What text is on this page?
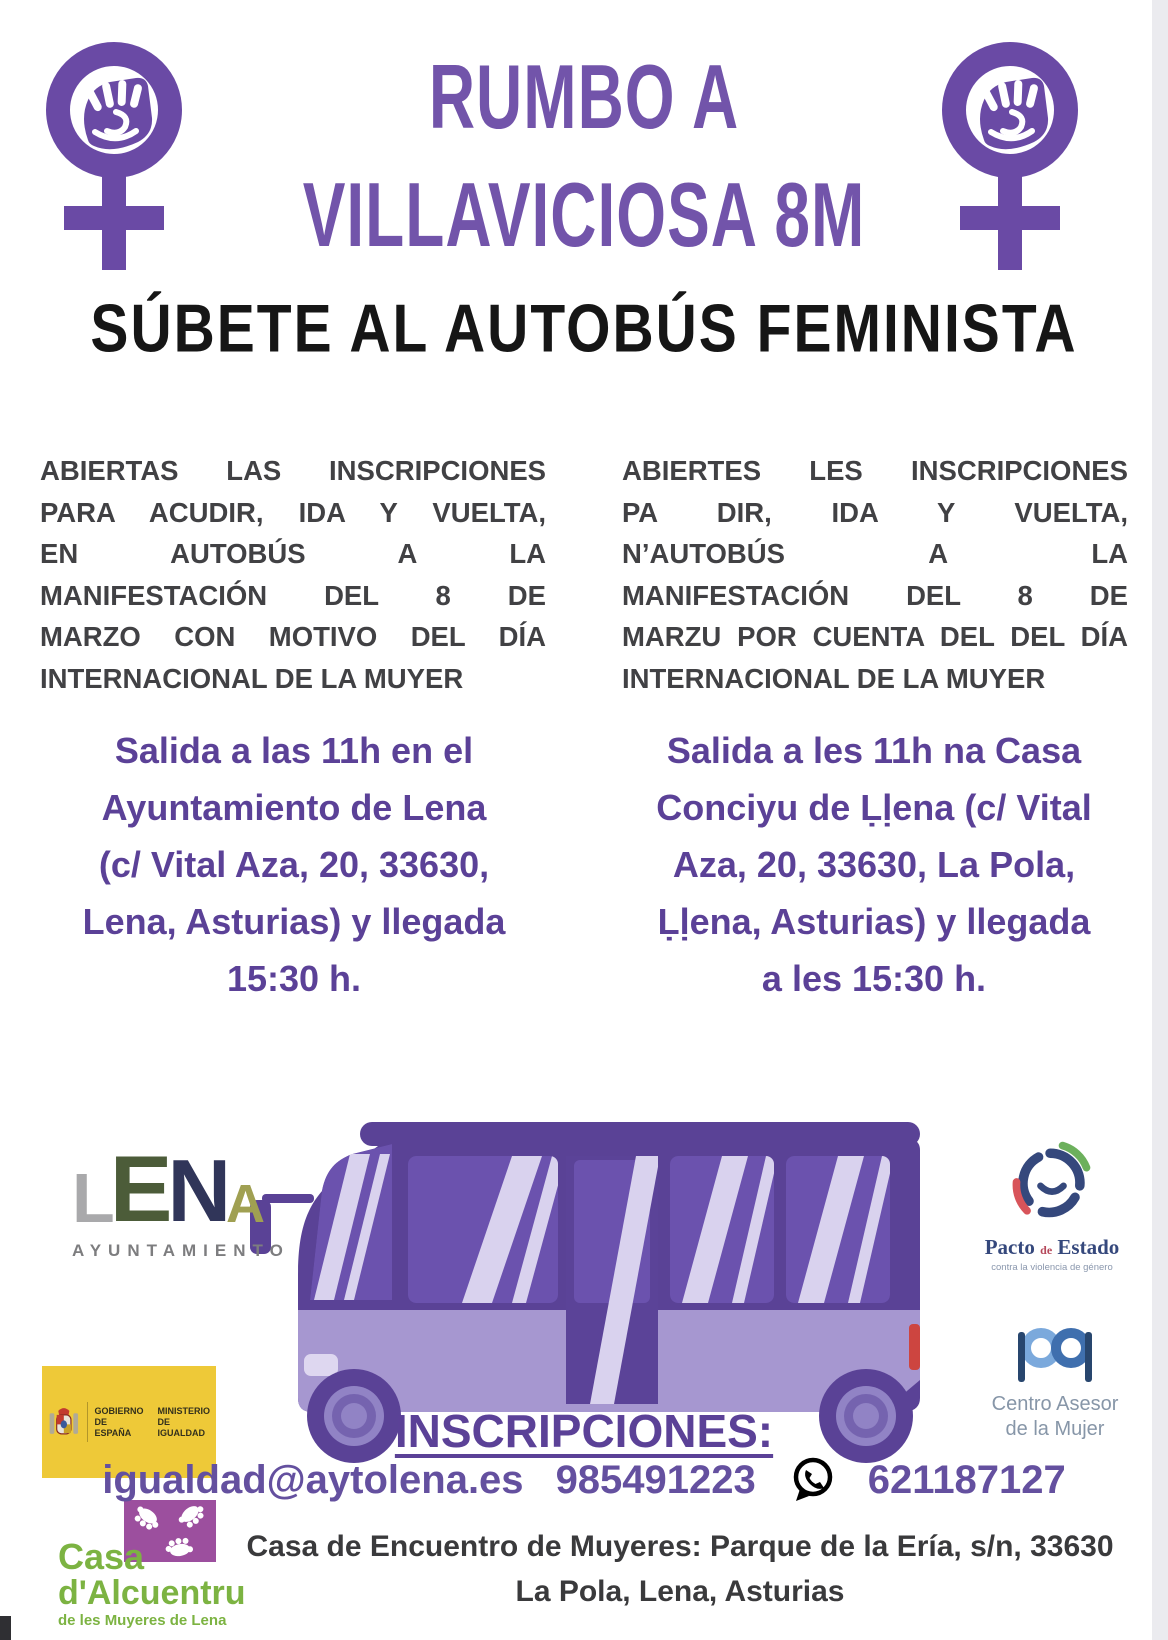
RUMBO A
VILLAVICIOSA 8M
SÚBETE AL AUTOBÚS FEMINISTA
ABIERTAS LAS INSCRIPCIONES
PARA ACUDIR, IDA Y VUELTA,
EN AUTOBÚS A LA
MANIFESTACIÓN DEL 8 DE
MARZO CON MOTIVO DEL DÍA
INTERNACIONAL DE LA MUYER
ABIERTES LES INSCRIPCIONES
PA DIR, IDA Y VUELTA,
N’AUTOBÚS A LA
MANIFESTACIÓN DEL 8 DE
MARZU POR CUENTA DEL DEL DÍA
INTERNACIONAL DE LA MUYER
Salida a las 11h en el
Ayuntamiento de Lena
(c/ Vital Aza, 20, 33630,
Lena, Asturias) y llegada
15:30 h.
Salida a les 11h na Casa
Conciyu de Ḷḷena (c/ Vital
Aza, 20, 33630, La Pola,
Ḷḷena, Asturias) y llegada
a les 15:30 h.
L
E
N
A
AYUNTAMIENTO
GOBIERNO
DE ESPAÑA
MINISTERIO
DE IGUALDAD
Casa
d'Alcuentru
de les Muyeres de Lena
Pacto de Estado
contra la violencia de género
Centro Asesor
de la Mujer
INSCRIPCIONES:
igualdad@aytolena.es 985491223	621187127
Casa de Encuentro de Muyeres: Parque de la Ería, s/n, 33630
La Pola, Lena, Asturias
